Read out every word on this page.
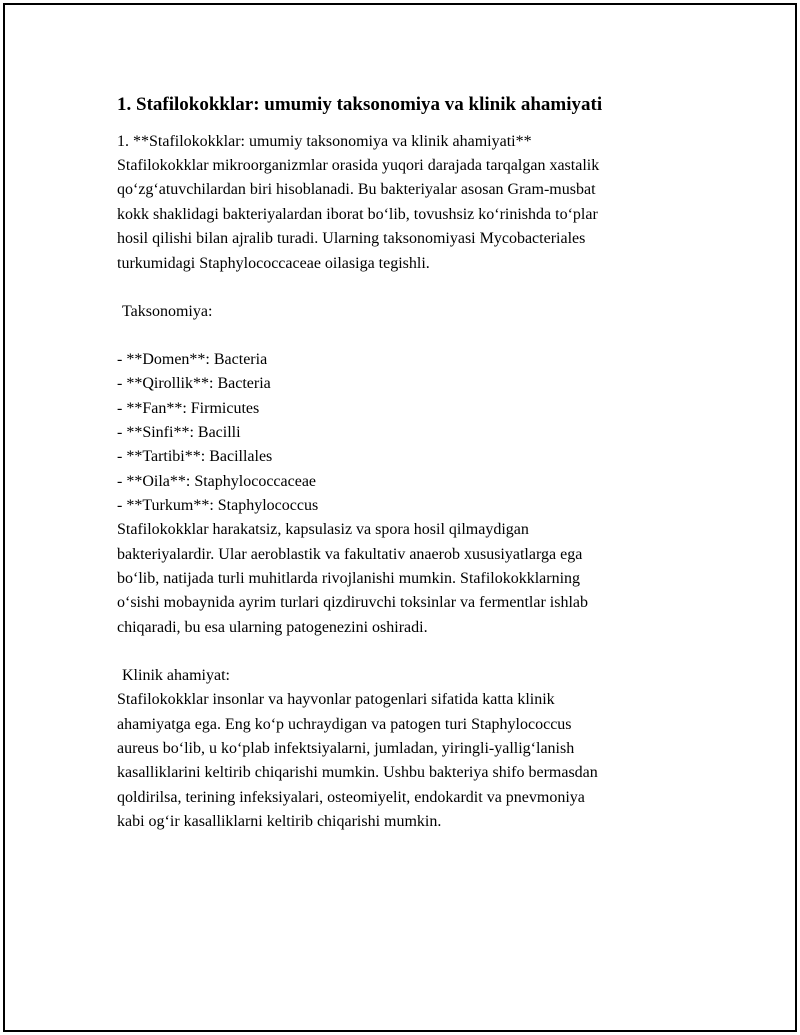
1. Stafilokokklar: umumiy taksonomiya va klinik ahamiyati
1. **Stafilokokklar: umumiy taksonomiya va klinik ahamiyati**

Stafilokokklar mikroorganizmlar orasida yuqori darajada tarqalgan xastalik
qo‘zg‘atuvchilardan biri hisoblanadi. Bu bakteriyalar asosan Gram-musbat
kokk shaklidagi bakteriyalardan iborat bo‘lib, tovushsiz ko‘rinishda to‘plar
hosil qilishi bilan ajralib turadi. Ularning taksonomiyasi Mycobacteriales
turkumidagi Staphylococcaceae oilasiga tegishli.

Taksonomiya:
- **Domen**: Bacteria
- **Qirollik**: Bacteria
- **Fan**: Firmicutes
- **Sinfi**: Bacilli
- **Tartibi**: Bacillales
- **Oila**: Staphylococcaceae
- **Turkum**: Staphylococcus

Stafilokokklar harakatsiz, kapsulasiz va spora hosil qilmaydigan
bakteriyalardir. Ular aeroblastik va fakultativ anaerob xususiyatlarga ega
bo‘lib, natijada turli muhitlarda rivojlanishi mumkin. Stafilokokklarning
o‘sishi mobaynida ayrim turlari qizdiruvchi toksinlar va fermentlar ishlab
chiqaradi, bu esa ularning patogenezini oshiradi.

Klinik ahamiyat:

Stafilokokklar insonlar va hayvonlar patogenlari sifatida katta klinik
ahamiyatga ega. Eng ko‘p uchraydigan va patogen turi Staphylococcus
aureus bo‘lib, u ko‘plab infektsiyalarni, jumladan, yiringli-yallig‘lanish
kasalliklarini keltirib chiqarishi mumkin. Ushbu bakteriya shifo bermasdan
qoldirilsa, terining infeksiyalari, osteomiyelit, endokardit va pnevmoniya
kabi og‘ir kasalliklarni keltirib chiqarishi mumkin.
